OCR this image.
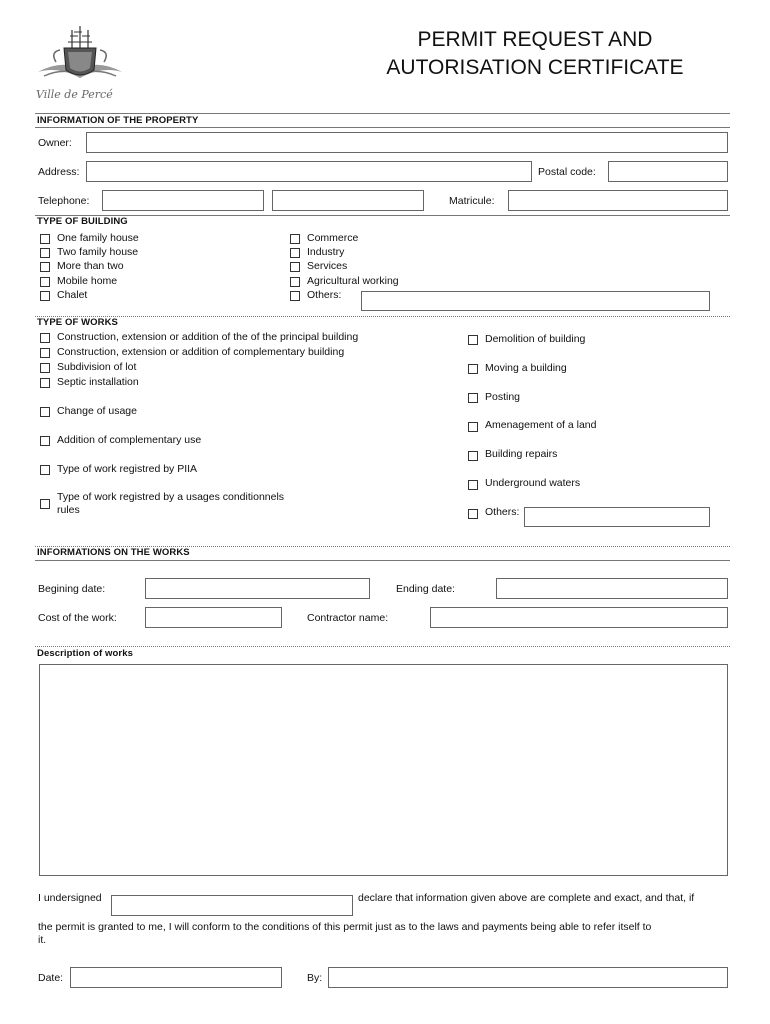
Ville de Percé
PERMIT REQUEST AND
AUTORISATION CERTIFICATE
INFORMATION OF THE PROPERTY
Owner:
Address:	Postal code:
Telephone:	Matricule:
TYPE OF BUILDING
One family house
Two family house
More than two
Mobile home
Chalet
Commerce
Industry
Services
Agricultural working
Others:
TYPE OF WORKS
Construction, extension or addition of the of the principal building
Construction, extension or addition of complementary building
Subdivision of lot
Septic installation
Change of usage
Addition of complementary use
Type of work registred by PIIA
Type of work registred by a usages conditionnels
rules
Demolition of building
Moving a building
Posting
Amenagement of a land
Building repairs
Underground waters
Others:
INFORMATIONS ON THE WORKS
Begining date:	Ending date:
Cost of the work:	Contractor name:
Description of works
I undersigned	declare that information given above are complete and exact, and that, if
the permit is granted to me, I will conform to the conditions of this permit just as to the laws and payments being able to refer itself to
it.
Date:	By:
